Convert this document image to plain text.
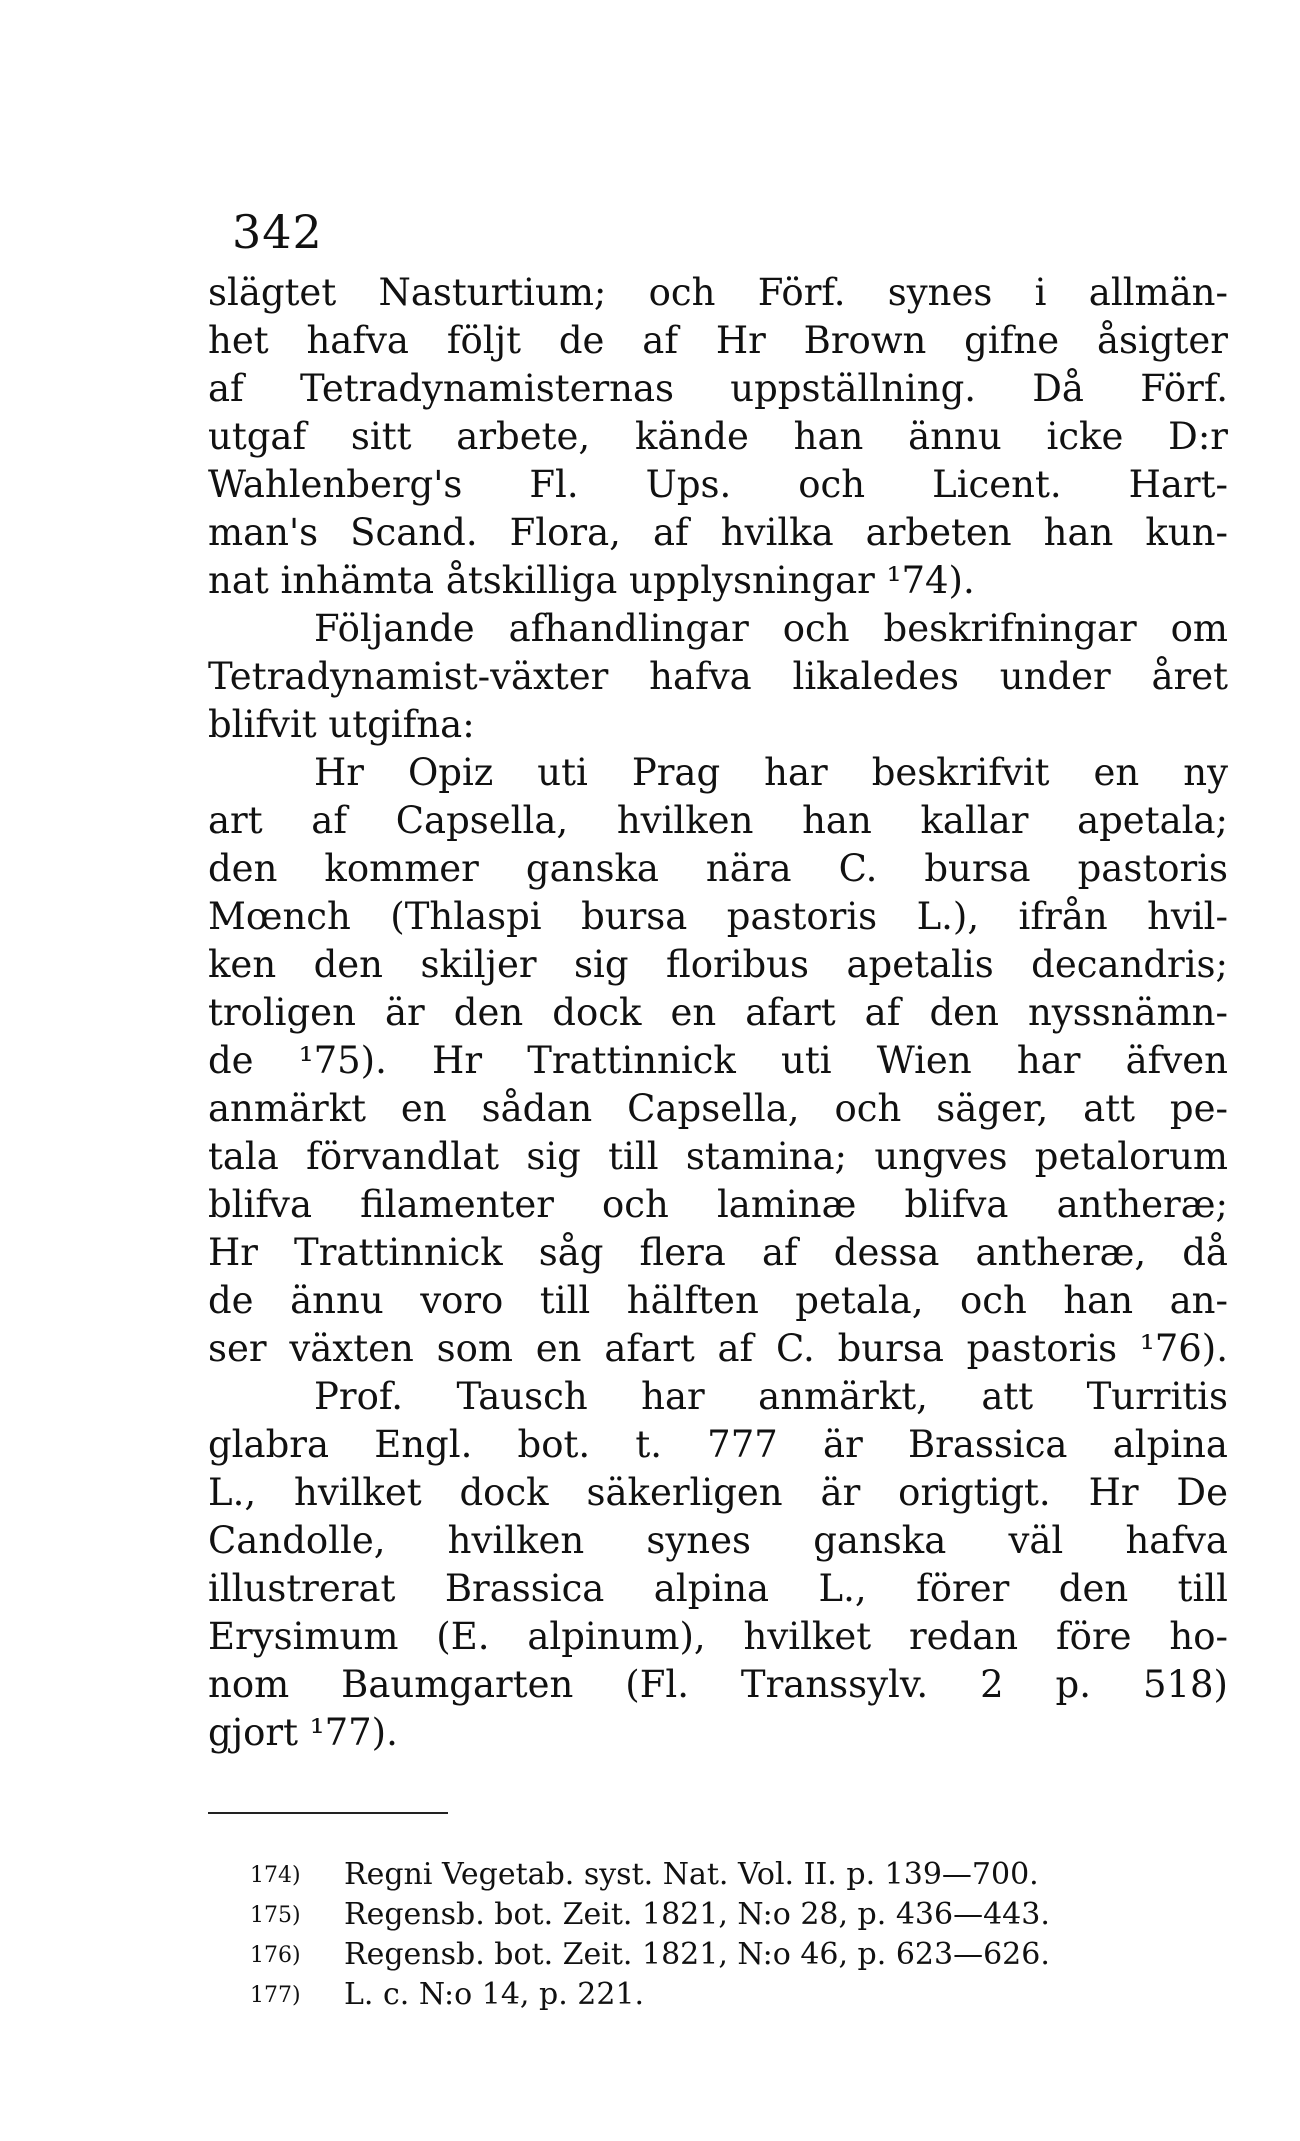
342
slägtet Nasturtium; och Förf. synes i allmän-
het hafva följt de af Hr Brown gifne åsigter
af Tetradynamisternas uppställning. Då Förf.
utgaf sitt arbete, kände han ännu icke D:r
Wahlenberg's Fl. Ups. och Licent. Hart-
man's Scand. Flora, af hvilka arbeten han kun-
nat inhämta åtskilliga upplysningar ¹74).
Följande afhandlingar och beskrifningar om
Tetradynamist-växter hafva likaledes under året
blifvit utgifna:
Hr Opiz uti Prag har beskrifvit en ny
art af Capsella, hvilken han kallar apetala;
den kommer ganska nära C. bursa pastoris
Mœnch (Thlaspi bursa pastoris L.), ifrån hvil-
ken den skiljer sig floribus apetalis decandris;
troligen är den dock en afart af den nyssnämn-
de ¹75). Hr Trattinnick uti Wien har äfven
anmärkt en sådan Capsella, och säger, att pe-
tala förvandlat sig till stamina; ungves petalorum
blifva filamenter och laminæ blifva antheræ;
Hr Trattinnick såg flera af dessa antheræ, då
de ännu voro till hälften petala, och han an-
ser växten som en afart af C. bursa pastoris ¹76).
Prof. Tausch har anmärkt, att Turritis
glabra Engl. bot. t. 777 är Brassica alpina
L., hvilket dock säkerligen är origtigt. Hr De
Candolle, hvilken synes ganska väl hafva
illustrerat Brassica alpina L., förer den till
Erysimum (E. alpinum), hvilket redan före ho-
nom Baumgarten (Fl. Transsylv. 2 p. 518)
gjort ¹77).
174) Regni Vegetab. syst. Nat. Vol. II. p. 139—700.
175) Regensb. bot. Zeit. 1821, N:o 28, p. 436—443.
176) Regensb. bot. Zeit. 1821, N:o 46, p. 623—626.
177) L. c. N:o 14, p. 221.
